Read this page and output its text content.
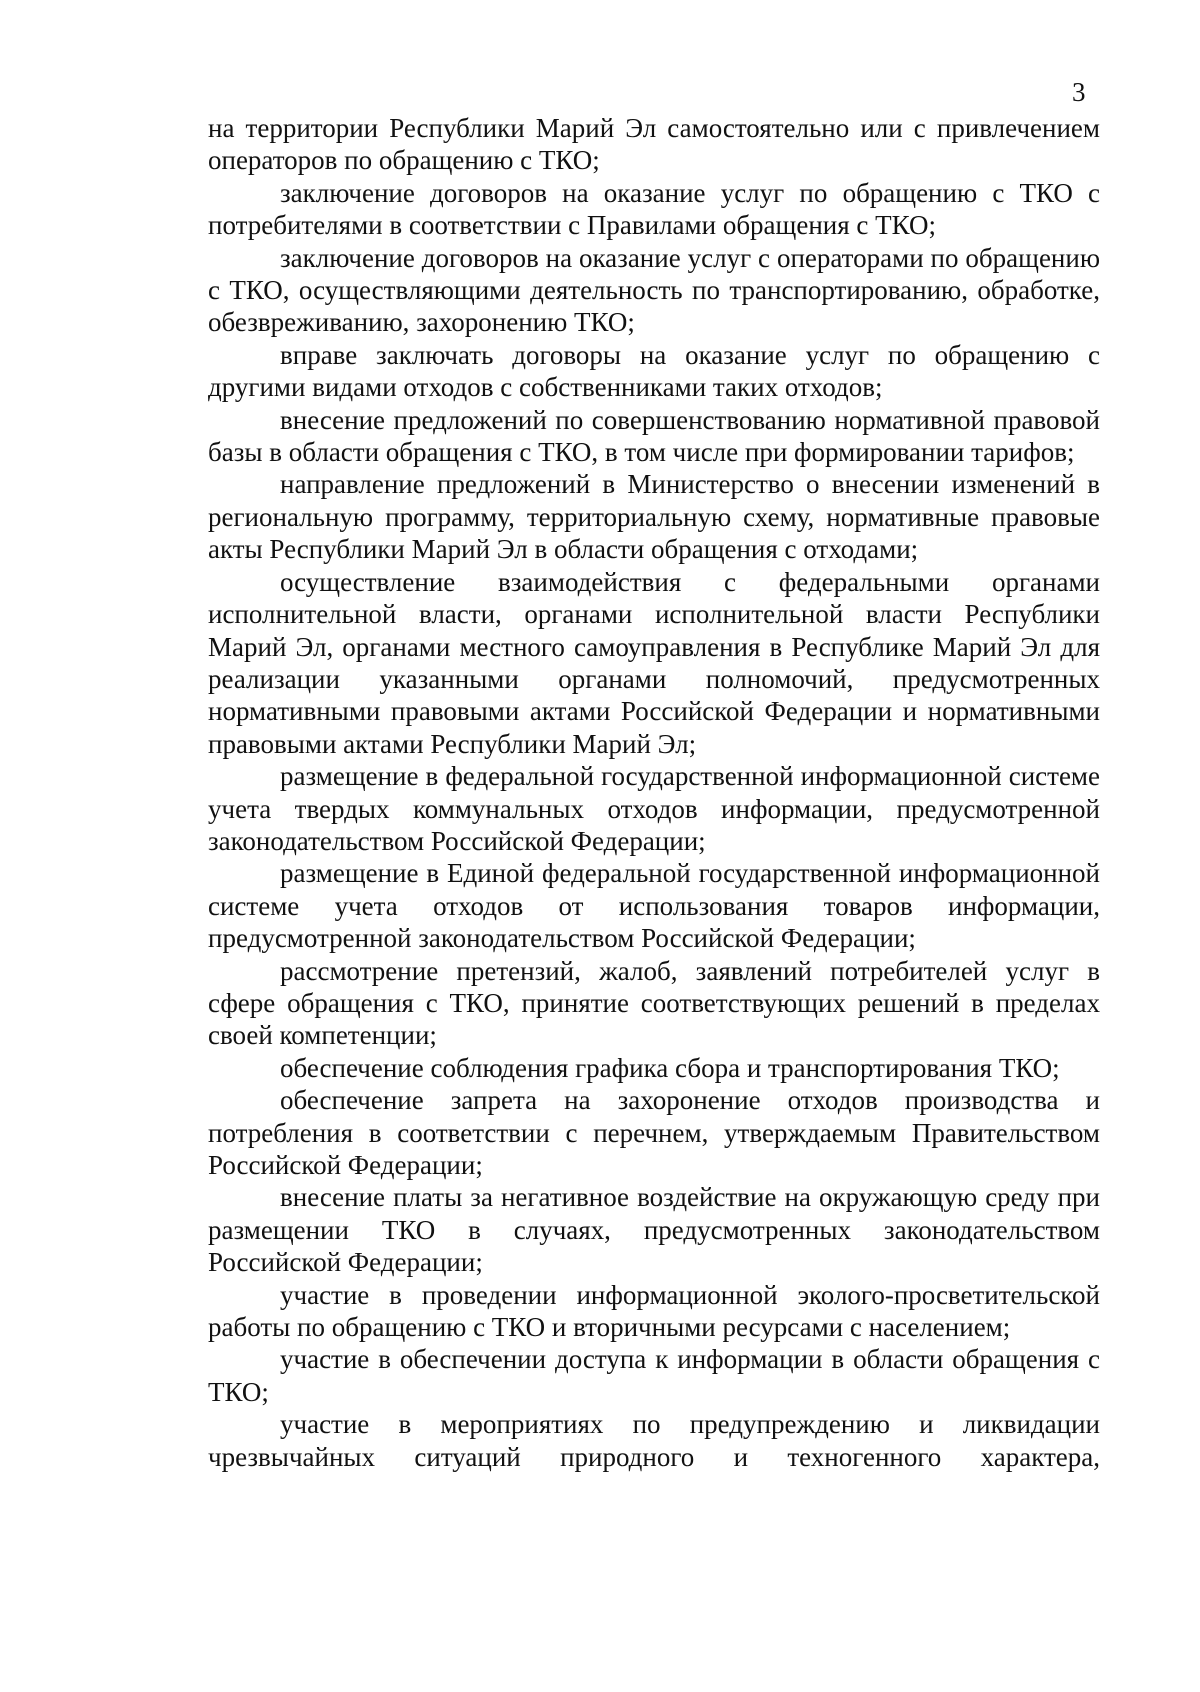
3

на территории Республики Марий Эл самостоятельно или с привлечением операторов по обращению с ТКО;

заключение договоров на оказание услуг по обращению с ТКО с потребителями в соответствии с Правилами обращения с ТКО;

заключение договоров на оказание услуг с операторами по обращению с ТКО, осуществляющими деятельность по транспортированию, обработке, обезвреживанию, захоронению ТКО;

вправе заключать договоры на оказание услуг по обращению с другими видами отходов с собственниками таких отходов;

внесение предложений по совершенствованию нормативной правовой базы в области обращения с ТКО, в том числе при формировании тарифов;

направление предложений в Министерство о внесении изменений в региональную программу, территориальную схему, нормативные правовые акты Республики Марий Эл в области обращения с отходами;

осуществление взаимодействия с федеральными органами исполнительной власти, органами исполнительной власти Республики Марий Эл, органами местного самоуправления в Республике Марий Эл для реализации указанными органами полномочий, предусмотренных нормативными правовыми актами Российской Федерации и нормативными правовыми актами Республики Марий Эл;

размещение в федеральной государственной информационной системе учета твердых коммунальных отходов информации, предусмотренной законодательством Российской Федерации;

размещение в Единой федеральной государственной информационной системе учета отходов от использования товаров информации, предусмотренной законодательством Российской Федерации;

рассмотрение претензий, жалоб, заявлений потребителей услуг в сфере обращения с ТКО, принятие соответствующих решений в пределах своей компетенции;

обеспечение соблюдения графика сбора и транспортирования ТКО;

обеспечение запрета на захоронение отходов производства и потребления в соответствии с перечнем, утверждаемым Правительством Российской Федерации;

внесение платы за негативное воздействие на окружающую среду при размещении ТКО в случаях, предусмотренных законодательством Российской Федерации;

участие в проведении информационной эколого-просветительской работы по обращению с ТКО и вторичными ресурсами с населением;

участие в обеспечении доступа к информации в области обращения с ТКО;

участие в мероприятиях по предупреждению и ликвидации чрезвычайных ситуаций природного и техногенного характера,
